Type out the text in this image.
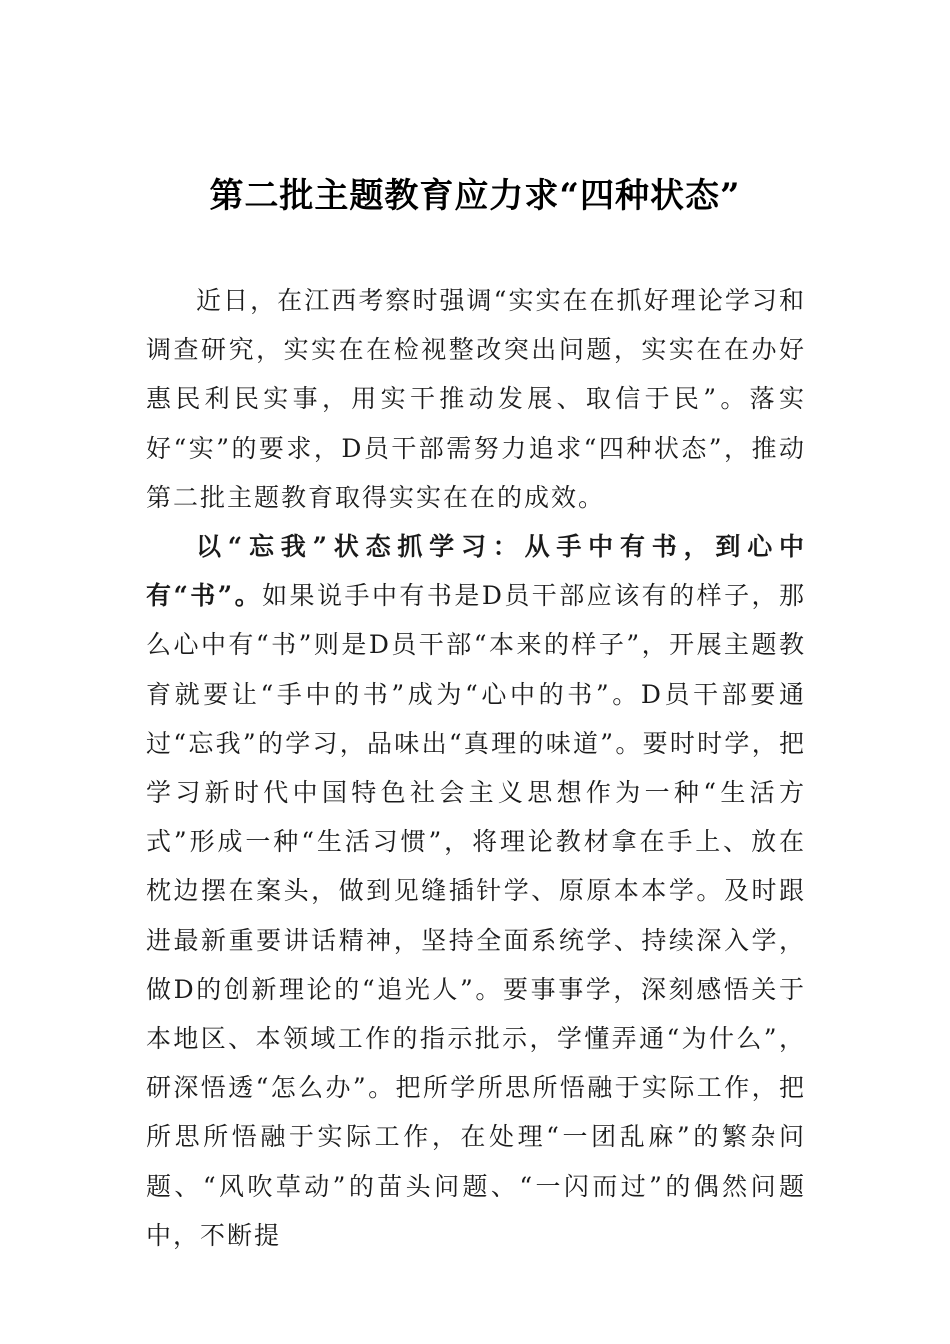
第二批主题教育应力求“四种状态”

近日，在江西考察时强调“实实在在抓好理论学习和调查研究，实实在在检视整改突出问题，实实在在办好惠民利民实事，用实干推动发展、取信于民”。落实好“实”的要求，D员干部需努力追求“四种状态”，推动第二批主题教育取得实实在在的成效。

以“忘我”状态抓学习：从手中有书，到心中有“书”。如果说手中有书是D员干部应该有的样子，那么心中有“书”则是D员干部“本来的样子”，开展主题教育就要让“手中的书”成为“心中的书”。D员干部要通过“忘我”的学习，品味出“真理的味道”。要时时学，把学习新时代中国特色社会主义思想作为一种“生活方式”形成一种“生活习惯”，将理论教材拿在手上、放在枕边摆在案头，做到见缝插针学、原原本本学。及时跟进最新重要讲话精神，坚持全面系统学、持续深入学，做D的创新理论的“追光人”。要事事学，深刻感悟关于本地区、本领域工作的指示批示，学懂弄通“为什么”，研深悟透“怎么办”。把所学所思所悟融于实际工作，把所思所悟融于实际工作，在处理“一团乱麻”的繁杂问题、“风吹草动”的苗头问题、“一闪而过”的偶然问题中，不断提
